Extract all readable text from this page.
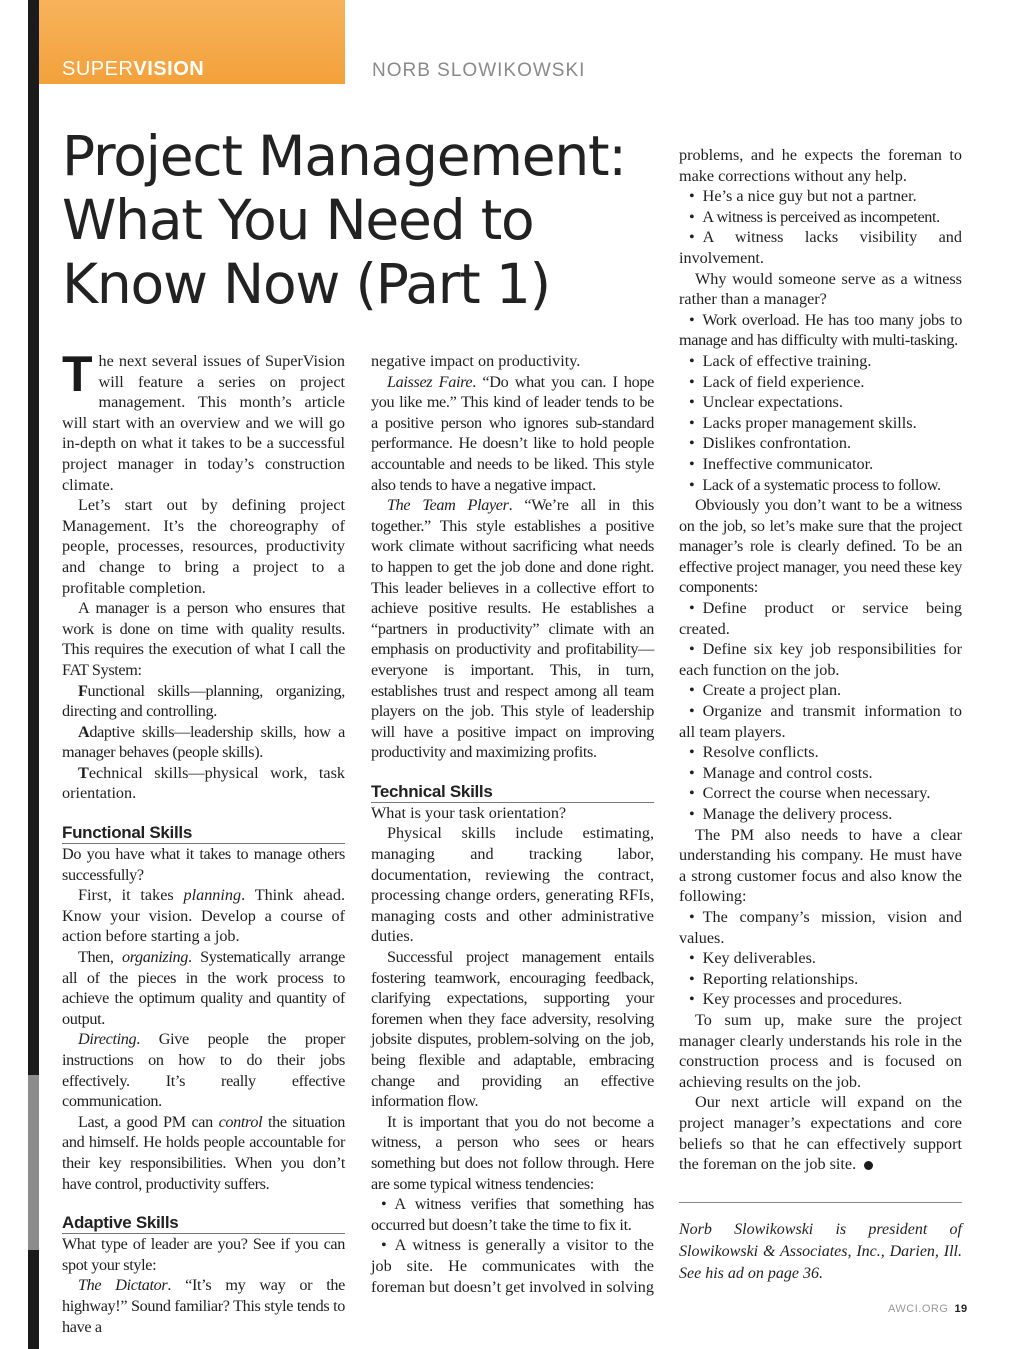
SUPERVISION	NORB SLOWIKOWSKI
Project Management:
What You Need to
Know Now (Part 1)

The next several issues of SuperVision will feature a series on project management. This month’s article will start with an overview and we will go in-depth on what it takes to be a successful project manager in today’s construction climate.

Let’s start out by defining project Management. It’s the choreography of people, processes, resources, productivity and change to bring a project to a profitable completion.

A manager is a person who ensures that work is done on time with quality results. This requires the execution of what I call the FAT System:

Functional skills—planning, organizing, directing and controlling.

Adaptive skills—leadership skills, how a manager behaves (people skills).

Technical skills—physical work, task orientation.

Functional Skills

Do you have what it takes to manage others successfully?

First, it takes planning. Think ahead. Know your vision. Develop a course of action before starting a job.

Then, organizing. Systematically arrange all of the pieces in the work process to achieve the optimum quality and quantity of output.

Directing. Give people the proper instructions on how to do their jobs effectively. It’s really effective communication.

Last, a good PM can control the situation and himself. He holds people accountable for their key responsibilities. When you don’t have control, productivity suffers.

Adaptive Skills

What type of leader are you? See if you can spot your style:

The Dictator. “It’s my way or the highway!” Sound familiar? This style tends to have a

negative impact on productivity.

Laissez Faire. “Do what you can. I hope you like me.” This kind of leader tends to be a positive person who ignores sub-standard performance. He doesn’t like to hold people accountable and needs to be liked. This style also tends to have a negative impact.

The Team Player. “We’re all in this together.” This style establishes a positive work climate without sacrificing what needs to happen to get the job done and done right. This leader believes in a collective effort to achieve positive results. He establishes a “partners in productivity” climate with an emphasis on productivity and profitability—everyone is important. This, in turn, establishes trust and respect among all team players on the job. This style of leadership will have a positive impact on improving productivity and maximizing profits.

Technical Skills

What is your task orientation?

Physical skills include estimating, managing and tracking labor, documentation, reviewing the contract, processing change orders, generating RFIs, managing costs and other administrative duties.

Successful project management entails fostering teamwork, encouraging feedback, clarifying expectations, supporting your foremen when they face adversity, resolving jobsite disputes, problem-solving on the job, being flexible and adaptable, embracing change and providing an effective information flow.

It is important that you do not become a witness, a person who sees or hears something but does not follow through. Here are some typical witness tendencies:

• A witness verifies that something has occurred but doesn’t take the time to fix it.
• A witness is generally a visitor to the job site. He communicates with the foreman but doesn’t get involved in solving

problems, and he expects the foreman to make corrections without any help.

• He’s a nice guy but not a partner.
• A witness is perceived as incompetent.
• A witness lacks visibility and involvement.

Why would someone serve as a witness rather than a manager?

• Work overload. He has too many jobs to manage and has difficulty with multi-tasking.
• Lack of effective training.
• Lack of field experience.
• Unclear expectations.
• Lacks proper management skills.
• Dislikes confrontation.
• Ineffective communicator.
• Lack of a systematic process to follow.

Obviously you don’t want to be a witness on the job, so let’s make sure that the project manager’s role is clearly defined. To be an effective project manager, you need these key components:

• Define product or service being created.
• Define six key job responsibilities for each function on the job.
• Create a project plan.
• Organize and transmit information to all team players.
• Resolve conflicts.
• Manage and control costs.
• Correct the course when necessary.
• Manage the delivery process.

The PM also needs to have a clear understanding his company. He must have a strong customer focus and also know the following:

• The company’s mission, vision and values.
• Key deliverables.
• Reporting relationships.
• Key processes and procedures.

To sum up, make sure the project manager clearly understands his role in the construction process and is focused on achieving results on the job.

Our next article will expand on the project manager’s expectations and core beliefs so that he can effectively support the foreman on the job site.

Norb Slowikowski is president of Slowikowski & Associates, Inc., Darien, Ill. See his ad on page 36.
AWCI.ORG 19
